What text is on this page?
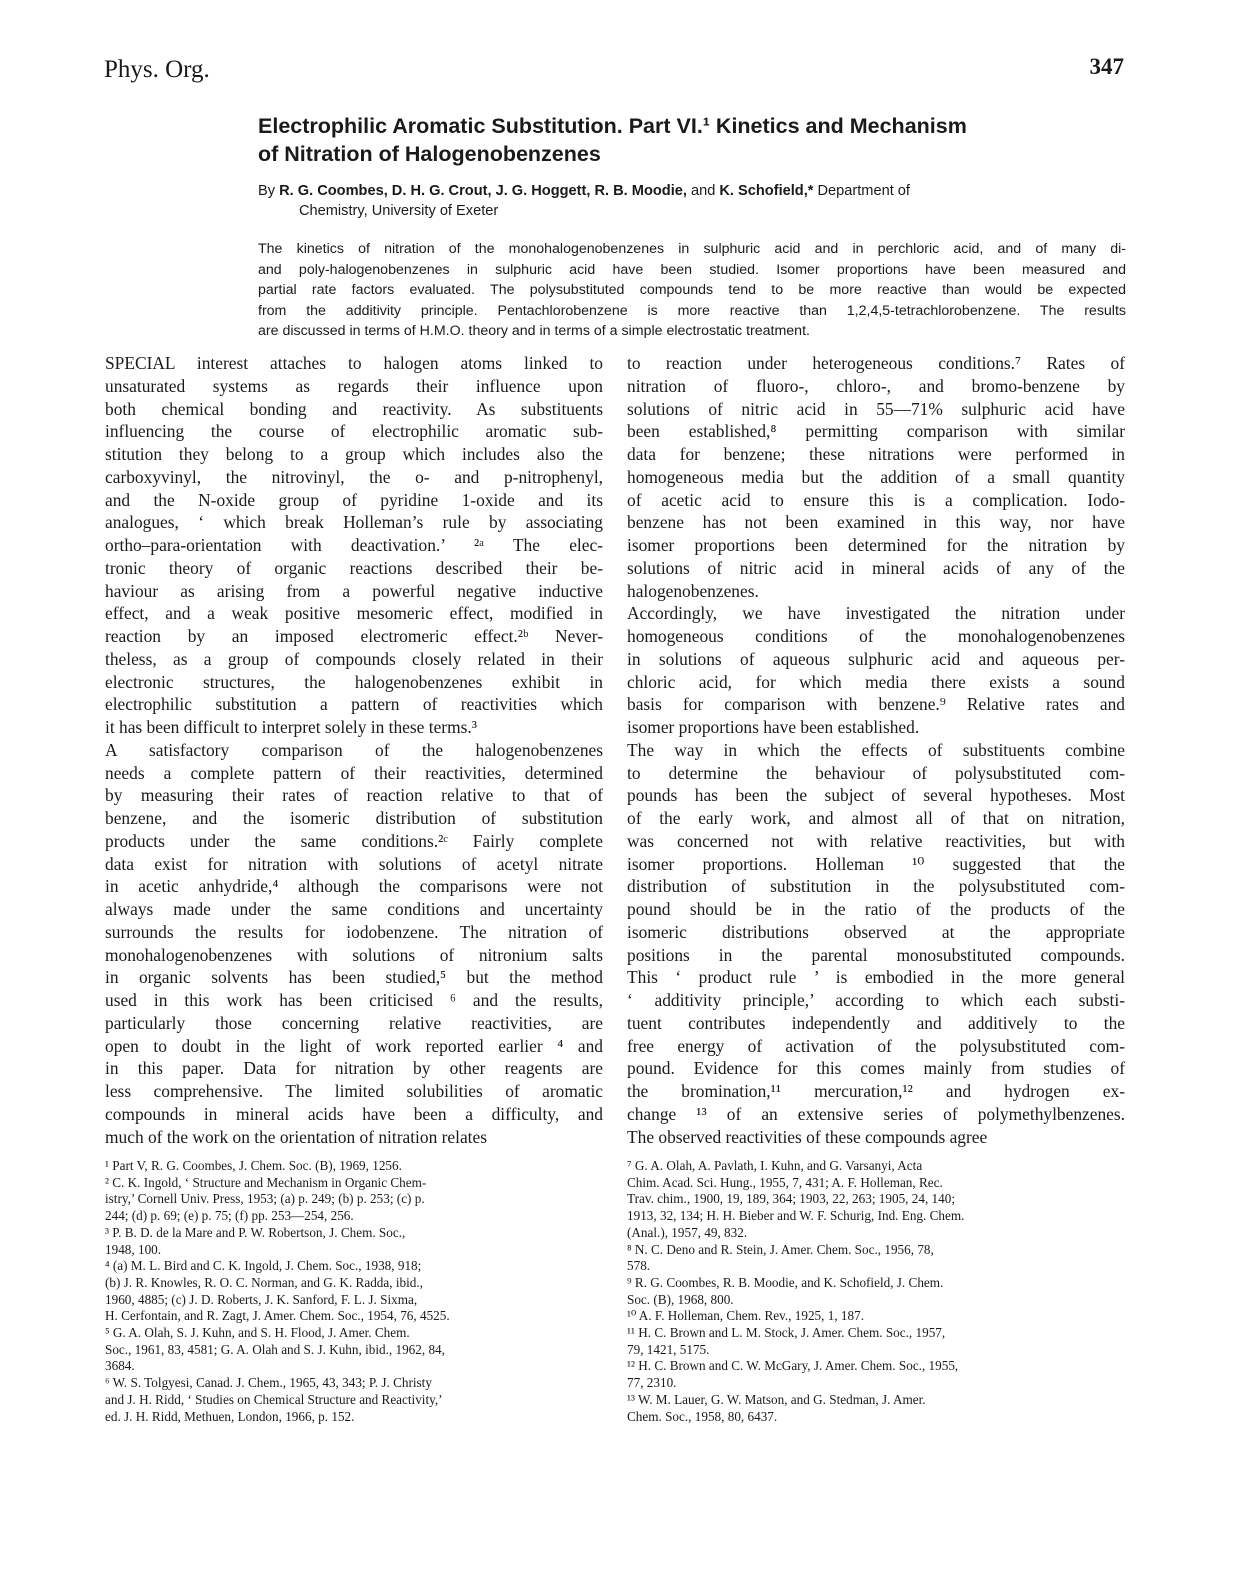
Phys. Org.	347
Electrophilic Aromatic Substitution. Part VI.¹ Kinetics and Mechanism
of Nitration of Halogenobenzenes
By R. G. Coombes, D. H. G. Crout, J. G. Hoggett, R. B. Moodie, and K. Schofield,* Department of
Chemistry, University of Exeter
The kinetics of nitration of the monohalogenobenzenes in sulphuric acid and in perchloric acid, and of many di-
and poly-halogenobenzenes in sulphuric acid have been studied. Isomer proportions have been measured and
partial rate factors evaluated. The polysubstituted compounds tend to be more reactive than would be expected
from the additivity principle. Pentachlorobenzene is more reactive than 1,2,4,5-tetrachlorobenzene. The results
are discussed in terms of H.M.O. theory and in terms of a simple electrostatic treatment.
SPECIAL interest attaches to halogen atoms linked to
unsaturated systems as regards their influence upon
both chemical bonding and reactivity. As substituents
influencing the course of electrophilic aromatic sub-
stitution they belong to a group which includes also the
carboxyvinyl, the nitrovinyl, the o- and p-nitrophenyl,
and the N-oxide group of pyridine 1-oxide and its
analogues, ‘ which break Holleman’s rule by associating
ortho–para-orientation with deactivation.’ ²ᵃ The elec-
tronic theory of organic reactions described their be-
haviour as arising from a powerful negative inductive
effect, and a weak positive mesomeric effect, modified in
reaction by an imposed electromeric effect.²ᵇ Never-
theless, as a group of compounds closely related in their
electronic structures, the halogenobenzenes exhibit in
electrophilic substitution a pattern of reactivities which
it has been difficult to interpret solely in these terms.³
A satisfactory comparison of the halogenobenzenes
needs a complete pattern of their reactivities, determined
by measuring their rates of reaction relative to that of
benzene, and the isomeric distribution of substitution
products under the same conditions.²ᶜ Fairly complete
data exist for nitration with solutions of acetyl nitrate
in acetic anhydride,⁴ although the comparisons were not
always made under the same conditions and uncertainty
surrounds the results for iodobenzene. The nitration of
monohalogenobenzenes with solutions of nitronium salts
in organic solvents has been studied,⁵ but the method
used in this work has been criticised ⁶ and the results,
particularly those concerning relative reactivities, are
open to doubt in the light of work reported earlier ⁴ and
in this paper. Data for nitration by other reagents are
less comprehensive. The limited solubilities of aromatic
compounds in mineral acids have been a difficulty, and
much of the work on the orientation of nitration relates
to reaction under heterogeneous conditions.⁷ Rates of
nitration of fluoro-, chloro-, and bromo-benzene by
solutions of nitric acid in 55—71% sulphuric acid have
been established,⁸ permitting comparison with similar
data for benzene; these nitrations were performed in
homogeneous media but the addition of a small quantity
of acetic acid to ensure this is a complication. Iodo-
benzene has not been examined in this way, nor have
isomer proportions been determined for the nitration by
solutions of nitric acid in mineral acids of any of the
halogenobenzenes.
Accordingly, we have investigated the nitration under
homogeneous conditions of the monohalogenobenzenes
in solutions of aqueous sulphuric acid and aqueous per-
chloric acid, for which media there exists a sound
basis for comparison with benzene.⁹ Relative rates and
isomer proportions have been established.
The way in which the effects of substituents combine
to determine the behaviour of polysubstituted com-
pounds has been the subject of several hypotheses. Most
of the early work, and almost all of that on nitration,
was concerned not with relative reactivities, but with
isomer proportions. Holleman ¹⁰ suggested that the
distribution of substitution in the polysubstituted com-
pound should be in the ratio of the products of the
isomeric distributions observed at the appropriate
positions in the parental monosubstituted compounds.
This ‘ product rule ’ is embodied in the more general
‘ additivity principle,’ according to which each substi-
tuent contributes independently and additively to the
free energy of activation of the polysubstituted com-
pound. Evidence for this comes mainly from studies of
the bromination,¹¹ mercuration,¹² and hydrogen ex-
change ¹³ of an extensive series of polymethylbenzenes.
The observed reactivities of these compounds agree
¹ Part V, R. G. Coombes, J. Chem. Soc. (B), 1969, 1256.
² C. K. Ingold, ‘ Structure and Mechanism in Organic Chem-
istry,’ Cornell Univ. Press, 1953; (a) p. 249; (b) p. 253; (c) p.
244; (d) p. 69; (e) p. 75; (f) pp. 253—254, 256.
³ P. B. D. de la Mare and P. W. Robertson, J. Chem. Soc.,
1948, 100.
⁴ (a) M. L. Bird and C. K. Ingold, J. Chem. Soc., 1938, 918;
(b) J. R. Knowles, R. O. C. Norman, and G. K. Radda, ibid.,
1960, 4885; (c) J. D. Roberts, J. K. Sanford, F. L. J. Sixma,
H. Cerfontain, and R. Zagt, J. Amer. Chem. Soc., 1954, 76, 4525.
⁵ G. A. Olah, S. J. Kuhn, and S. H. Flood, J. Amer. Chem.
Soc., 1961, 83, 4581; G. A. Olah and S. J. Kuhn, ibid., 1962, 84,
3684.
⁶ W. S. Tolgyesi, Canad. J. Chem., 1965, 43, 343; P. J. Christy
and J. H. Ridd, ‘ Studies on Chemical Structure and Reactivity,’
ed. J. H. Ridd, Methuen, London, 1966, p. 152.
⁷ G. A. Olah, A. Pavlath, I. Kuhn, and G. Varsanyi, Acta
Chim. Acad. Sci. Hung., 1955, 7, 431; A. F. Holleman, Rec.
Trav. chim., 1900, 19, 189, 364; 1903, 22, 263; 1905, 24, 140;
1913, 32, 134; H. H. Bieber and W. F. Schurig, Ind. Eng. Chem.
(Anal.), 1957, 49, 832.
⁸ N. C. Deno and R. Stein, J. Amer. Chem. Soc., 1956, 78,
578.
⁹ R. G. Coombes, R. B. Moodie, and K. Schofield, J. Chem.
Soc. (B), 1968, 800.
¹⁰ A. F. Holleman, Chem. Rev., 1925, 1, 187.
¹¹ H. C. Brown and L. M. Stock, J. Amer. Chem. Soc., 1957,
79, 1421, 5175.
¹² H. C. Brown and C. W. McGary, J. Amer. Chem. Soc., 1955,
77, 2310.
¹³ W. M. Lauer, G. W. Matson, and G. Stedman, J. Amer.
Chem. Soc., 1958, 80, 6437.
